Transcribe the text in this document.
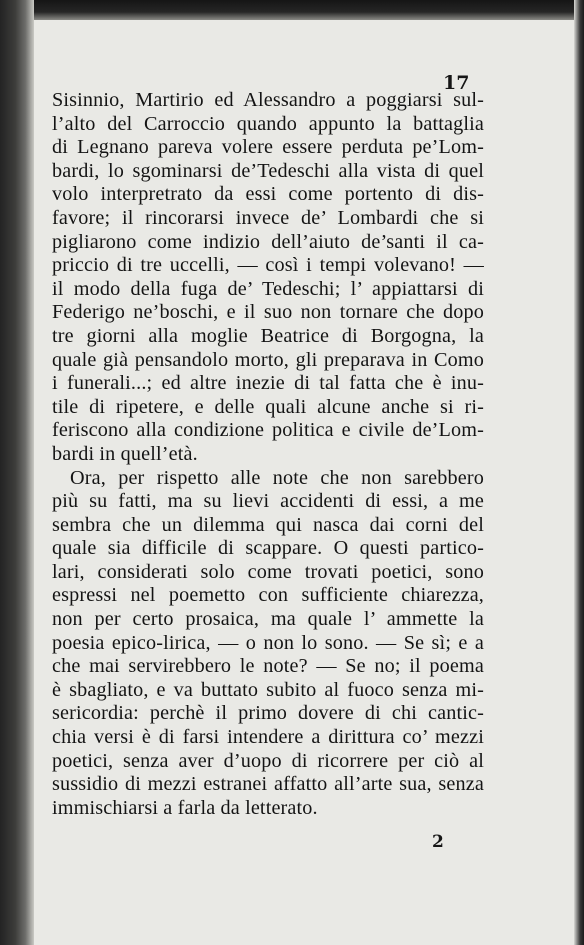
17
Sisinnio, Martirio ed Alessandro a poggiarsi sul-
l’alto del Carroccio quando appunto la battaglia
di Legnano pareva volere essere perduta pe’Lom-
bardi, lo sgominarsi de’Tedeschi alla vista di quel
volo interpretrato da essi come portento di dis-
favore; il rincorarsi invece de’ Lombardi che si
pigliarono come indizio dell’aiuto de’santi il ca-
priccio di tre uccelli, — così i tempi volevano! —
il modo della fuga de’ Tedeschi; l’ appiattarsi di
Federigo ne’boschi, e il suo non tornare che dopo
tre giorni alla moglie Beatrice di Borgogna, la
quale già pensandolo morto, gli preparava in Como
i funerali...; ed altre inezie di tal fatta che è inu-
tile di ripetere, e delle quali alcune anche si ri-
feriscono alla condizione politica e civile de’Lom-
bardi in quell’età.
Ora, per rispetto alle note che non sarebbero
più su fatti, ma su lievi accidenti di essi, a me
sembra che un dilemma qui nasca dai corni del
quale sia difficile di scappare. O questi partico-
lari, considerati solo come trovati poetici, sono
espressi nel poemetto con sufficiente chiarezza,
non per certo prosaica, ma quale l’ ammette la
poesia epico-lirica, — o non lo sono. — Se sì; e a
che mai servirebbero le note? — Se no; il poema
è sbagliato, e va buttato subito al fuoco senza mi-
sericordia: perchè il primo dovere di chi cantic-
chia versi è di farsi intendere a dirittura co’ mezzi
poetici, senza aver d’uopo di ricorrere per ciò al
sussidio di mezzi estranei affatto all’arte sua, senza
immischiarsi a farla da letterato.
2
